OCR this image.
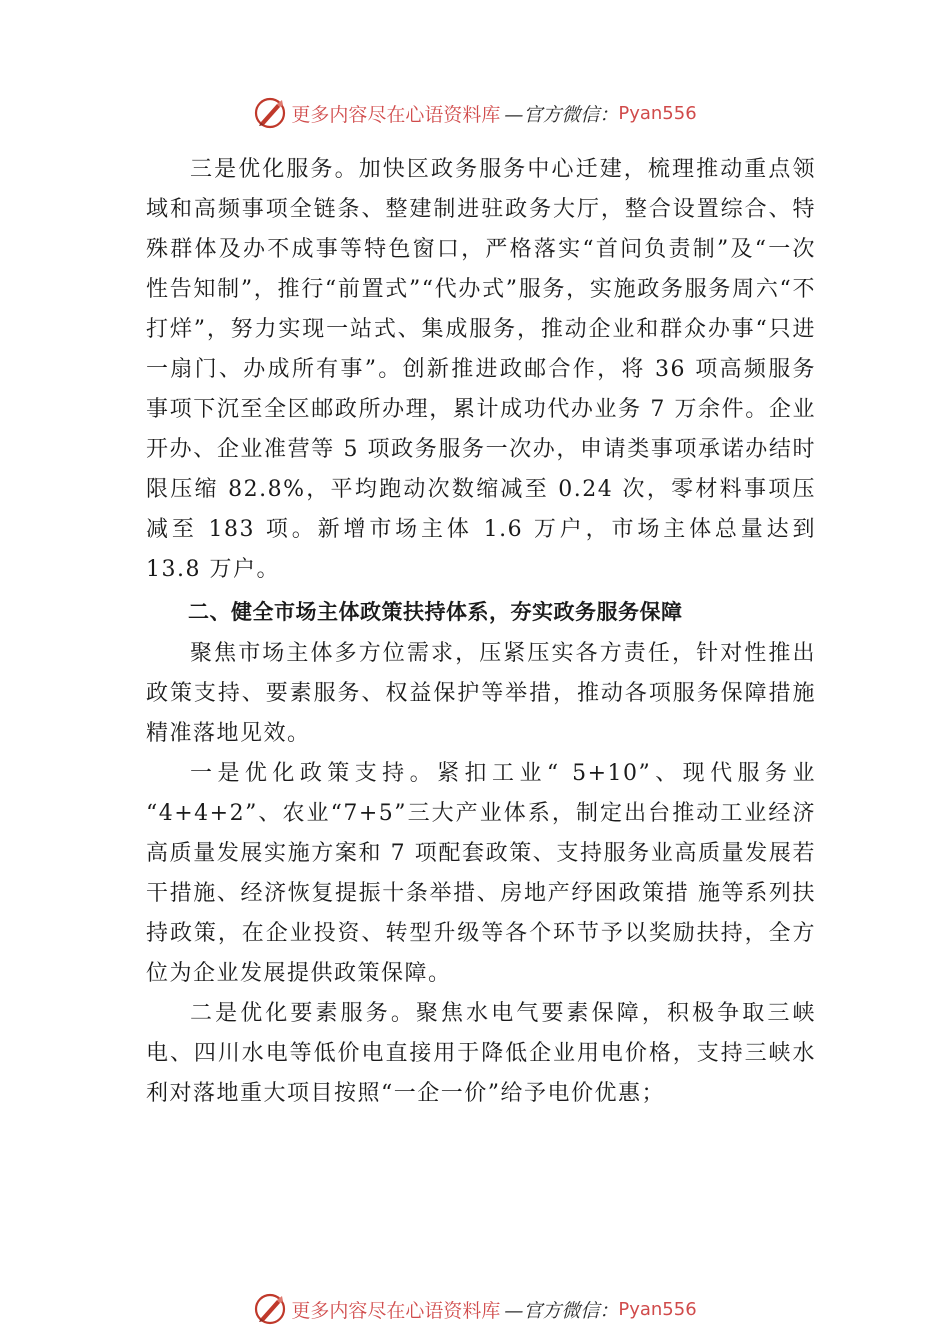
更多内容尽在心语资料库 —官方微信： Pyan556

三是优化服务。加快区政务服务中心迁建，梳理推动重点领域和高频事项全链条、整建制进驻政务大厅，整合设置综合、特殊群体及办不成事等特色窗口，严格落实“首问负责制”及“一次性告知制”，推行“前置式”“代办式”服务，实施政务服务周六“不打烊”，努力实现一站式、集成服务，推动企业和群众办事“只进一扇门、办成所有事”。创新推进政邮合作，将 36 项高频服务事项下沉至全区邮政所办理，累计成功代办业务 7 万余件。企业开办、企业准营等 5 项政务服务一次办，申请类事项承诺办结时限压缩 82.8%，平均跑动次数缩减至 0.24 次，零材料事项压减至 183 项。新增市场主体 1.6 万户，市场主体总量达到 13.8 万户。

二、健全市场主体政策扶持体系，夯实政务服务保障

聚焦市场主体多方位需求，压紧压实各方责任，针对性推出政策支持、要素服务、权益保护等举措，推动各项服务保障措施精准落地见效。

一是优化政策支持。紧扣工业“ 5+10”、现代服务业 “4+4+2”、农业“7+5”三大产业体系，制定出台推动工业经济高质量发展实施方案和 7 项配套政策、支持服务业高质量发展若干措施、经济恢复提振十条举措、房地产纾困政策措 施等系列扶持政策，在企业投资、转型升级等各个环节予以奖励扶持，全方位为企业发展提供政策保障。

二是优化要素服务。聚焦水电气要素保障，积极争取三峡电、四川水电等低价电直接用于降低企业用电价格，支持三峡水利对落地重大项目按照“一企一价”给予电价优惠；

更多内容尽在心语资料库 —官方微信： Pyan556
